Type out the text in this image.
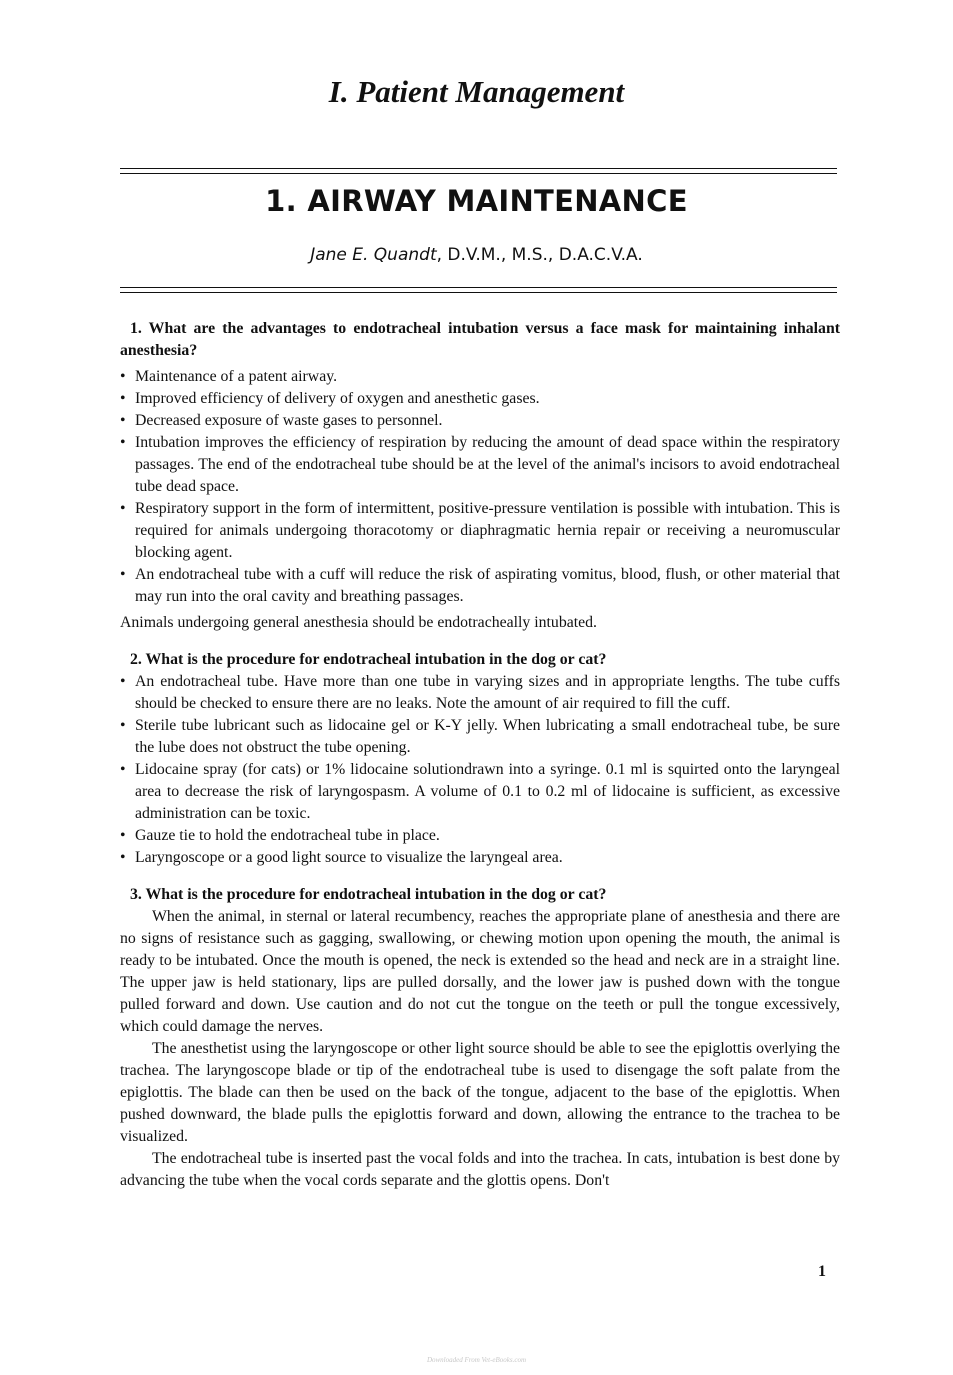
I. Patient Management
1. AIRWAY MAINTENANCE

Jane E. Quandt, D.V.M., M.S., D.A.C.V.A.

1. What are the advantages to endotracheal intubation versus a face mask for maintaining inhalant anesthesia?

• Maintenance of a patent airway.
• Improved efficiency of delivery of oxygen and anesthetic gases.
• Decreased exposure of waste gases to personnel.
• Intubation improves the efficiency of respiration by reducing the amount of dead space within the respiratory passages. The end of the endotracheal tube should be at the level of the animal's incisors to avoid endotracheal tube dead space.
• Respiratory support in the form of intermittent, positive-pressure ventilation is possible with intubation. This is required for animals undergoing thoracotomy or diaphragmatic hernia repair or receiving a neuromuscular blocking agent.
• An endotracheal tube with a cuff will reduce the risk of aspirating vomitus, blood, flush, or other material that may run into the oral cavity and breathing passages.

Animals undergoing general anesthesia should be endotracheally intubated.

2. What is the procedure for endotracheal intubation in the dog or cat?

• An endotracheal tube. Have more than one tube in varying sizes and in appropriate lengths. The tube cuffs should be checked to ensure there are no leaks. Note the amount of air required to fill the cuff.
• Sterile tube lubricant such as lidocaine gel or K-Y jelly. When lubricating a small endotracheal tube, be sure the lube does not obstruct the tube opening.
• Lidocaine spray (for cats) or 1% lidocaine solutiondrawn into a syringe. 0.1 ml is squirted onto the laryngeal area to decrease the risk of laryngospasm. A volume of 0.1 to 0.2 ml of lidocaine is sufficient, as excessive administration can be toxic.
• Gauze tie to hold the endotracheal tube in place.
• Laryngoscope or a good light source to visualize the laryngeal area.

3. What is the procedure for endotracheal intubation in the dog or cat?

When the animal, in sternal or lateral recumbency, reaches the appropriate plane of anesthesia and there are no signs of resistance such as gagging, swallowing, or chewing motion upon opening the mouth, the animal is ready to be intubated. Once the mouth is opened, the neck is extended so the head and neck are in a straight line. The upper jaw is held stationary, lips are pulled dorsally, and the lower jaw is pushed down with the tongue pulled forward and down. Use caution and do not cut the tongue on the teeth or pull the tongue excessively, which could damage the nerves.

The anesthetist using the laryngoscope or other light source should be able to see the epiglottis overlying the trachea. The laryngoscope blade or tip of the endotracheal tube is used to disengage the soft palate from the epiglottis. The blade can then be used on the back of the tongue, adjacent to the base of the epiglottis. When pushed downward, the blade pulls the epiglottis forward and down, allowing the entrance to the trachea to be visualized.

The endotracheal tube is inserted past the vocal folds and into the trachea. In cats, intubation is best done by advancing the tube when the vocal cords separate and the glottis opens. Don't

1

Downloaded From Vet-eBooks.com
